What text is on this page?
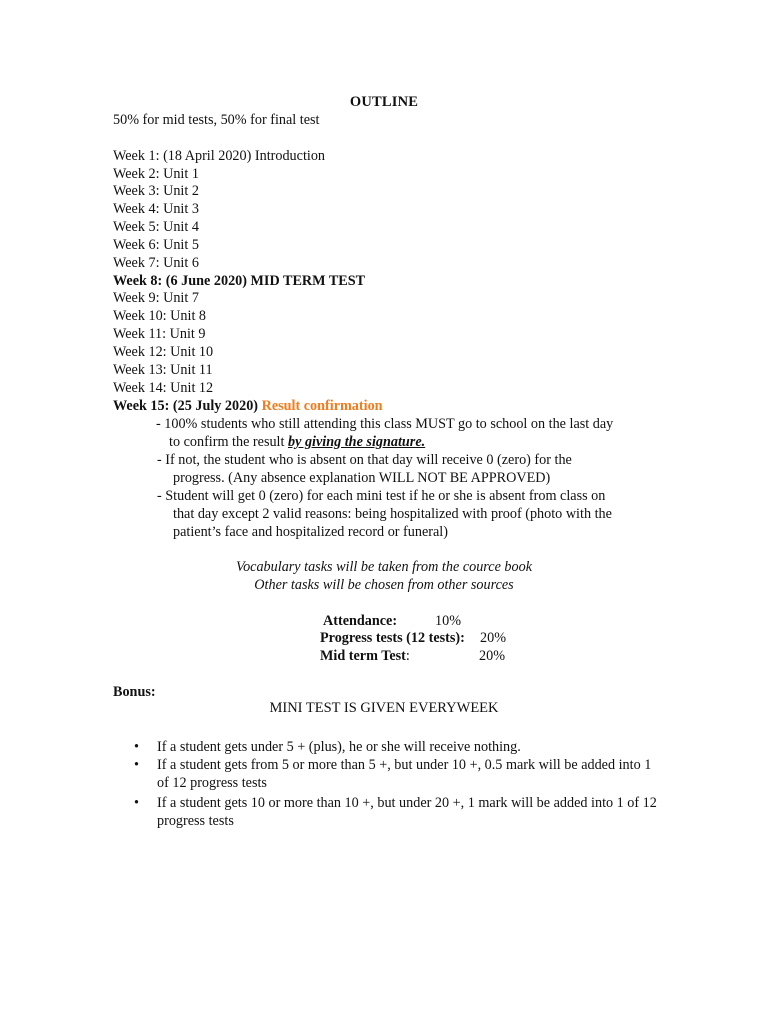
OUTLINE
50% for mid tests, 50% for final test
Week 1: (18 April 2020) Introduction
Week 2: Unit 1
Week 3: Unit 2
Week 4: Unit 3
Week 5: Unit 4
Week 6: Unit 5
Week 7: Unit 6
Week 8: (6 June 2020) MID TERM TEST
Week 9: Unit 7
Week 10: Unit 8
Week 11: Unit 9
Week 12: Unit 10
Week 13: Unit 11
Week 14: Unit 12
Week 15: (25 July 2020) Result confirmation
- 100% students who still attending this class MUST go to school on the last day
to confirm the result by giving the signature.
- If not, the student who is absent on that day will receive 0 (zero) for the
progress. (Any absence explanation WILL NOT BE APPROVED)
- Student will get 0 (zero) for each mini test if he or she is absent from class on
that day except 2 valid reasons: being hospitalized with proof (photo with the
patient’s face and hospitalized record or funeral)
Vocabulary tasks will be taken from the cource book
Other tasks will be chosen from other sources
Attendance:	10%
Progress tests (12 tests): 20%
Mid term Test:	20%
Bonus:
MINI TEST IS GIVEN EVERYWEEK
• If a student gets under 5 + (plus), he or she will receive nothing.
• If a student gets from 5 or more than 5 +, but under 10 +, 0.5 mark will be added into 1 of 12 progress tests
• If a student gets 10 or more than 10 +, but under 20 +, 1 mark will be added into 1 of 12 progress tests
